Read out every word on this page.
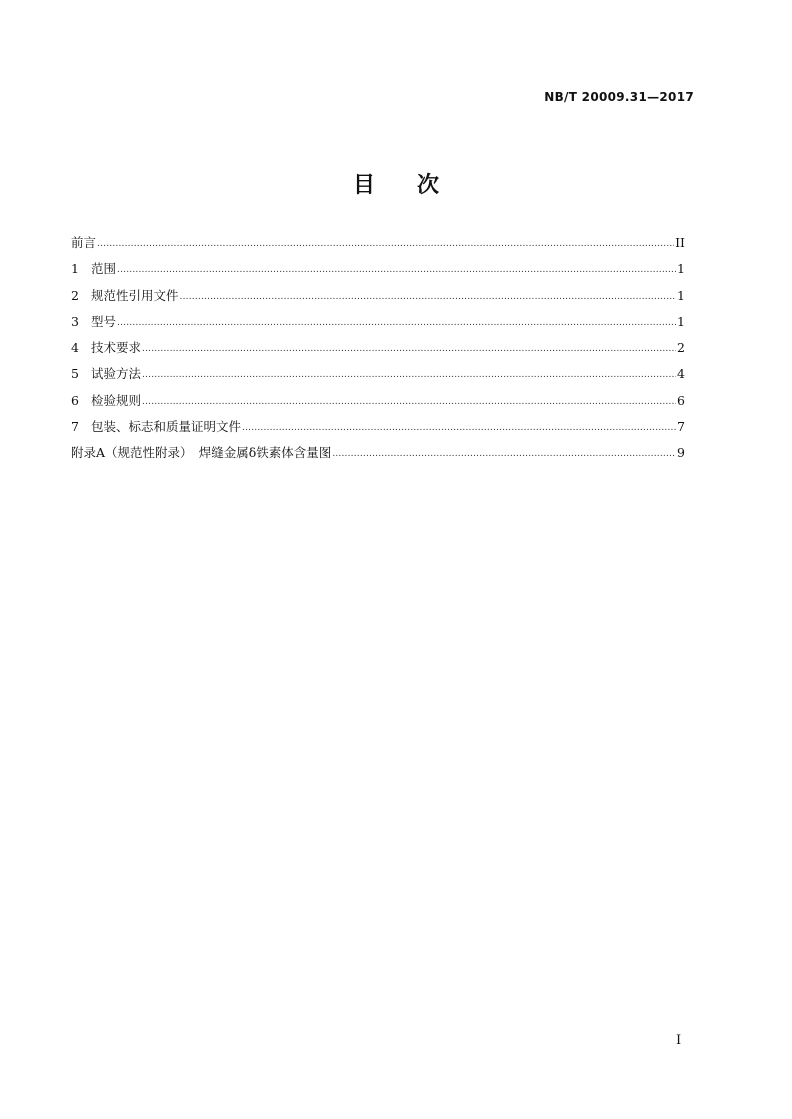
NB/T 20009.31—2017
目 次
前言 .....	II
1 范围 .....	1
2 规范性引用文件 .....	1
3 型号 .....	1
4 技术要求 .....	2
5 试验方法 .....	4
6 检验规则 .....	6
7 包装、标志和质量证明文件 .....	7
附录A（规范性附录）　焊缝金属δ铁素体含量图 .....	9
I
